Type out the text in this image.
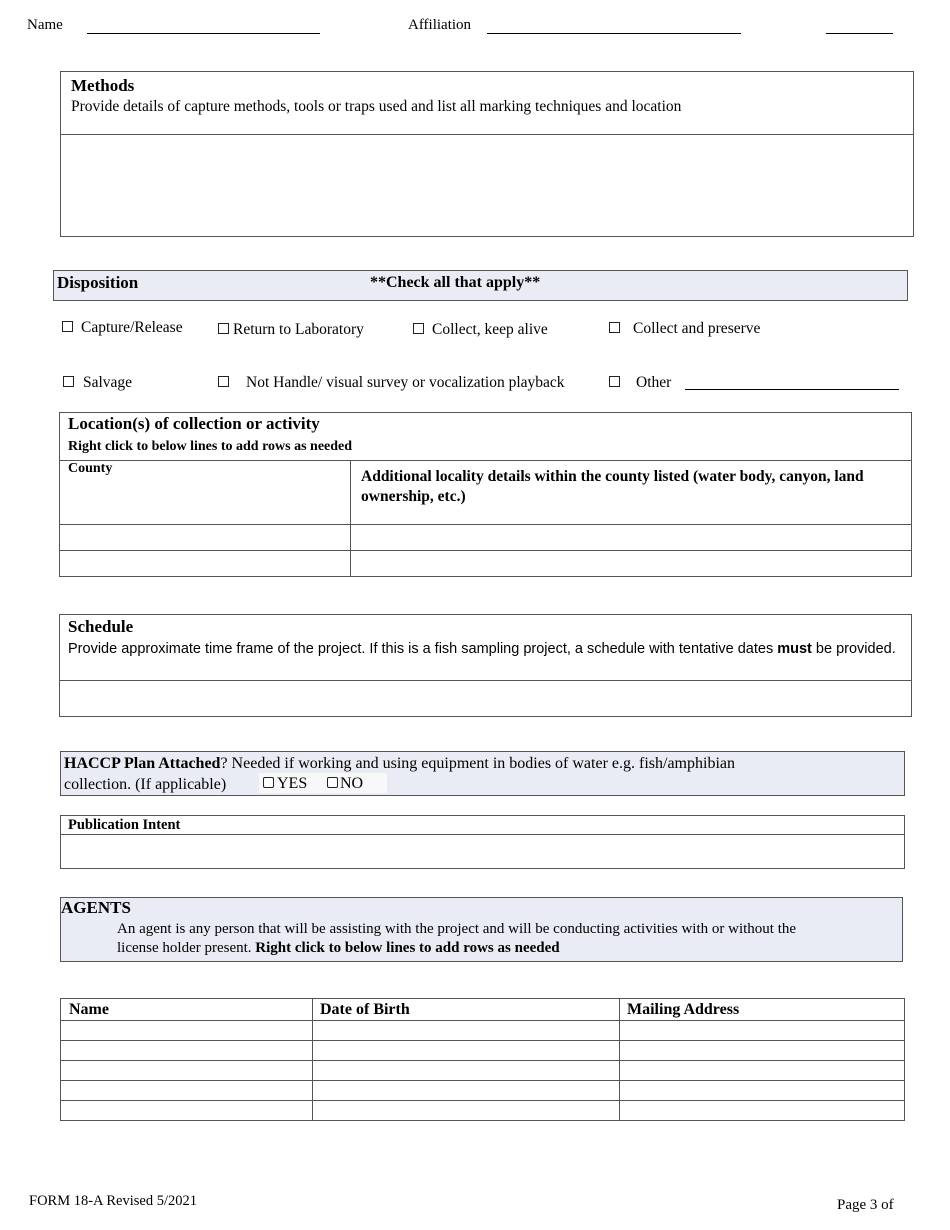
Name	Affiliation
Methods
Provide details of capture methods, tools or traps used and list all marking techniques and location
Disposition	**Check all that apply**
Capture/Release	Return to Laboratory	Collect, keep alive	Collect and preserve
Salvage	Not Handle/ visual survey or vocalization playback	Other
Location(s) of collection or activity
Right click to below lines to add rows as needed	

County	Additional locality details within the county listed (water body, canyon, land ownership, etc.)

Schedule
Provide approximate time frame of the project. If this is a fish sampling project, a schedule with tentative dates must be provided.
HACCP Plan Attached? Needed if working and using equipment in bodies of water e.g. fish/amphibian
collection. (If applicable)	YES	NO
Publication Intent
AGENTS
An agent is any person that will be assisting with the project and will be conducting activities with or without the
license holder present. Right click to below lines to add rows as needed
Name	Date of Birth	Mailing Address

FORM 18-A Revised 5/2021	Page 3 of
